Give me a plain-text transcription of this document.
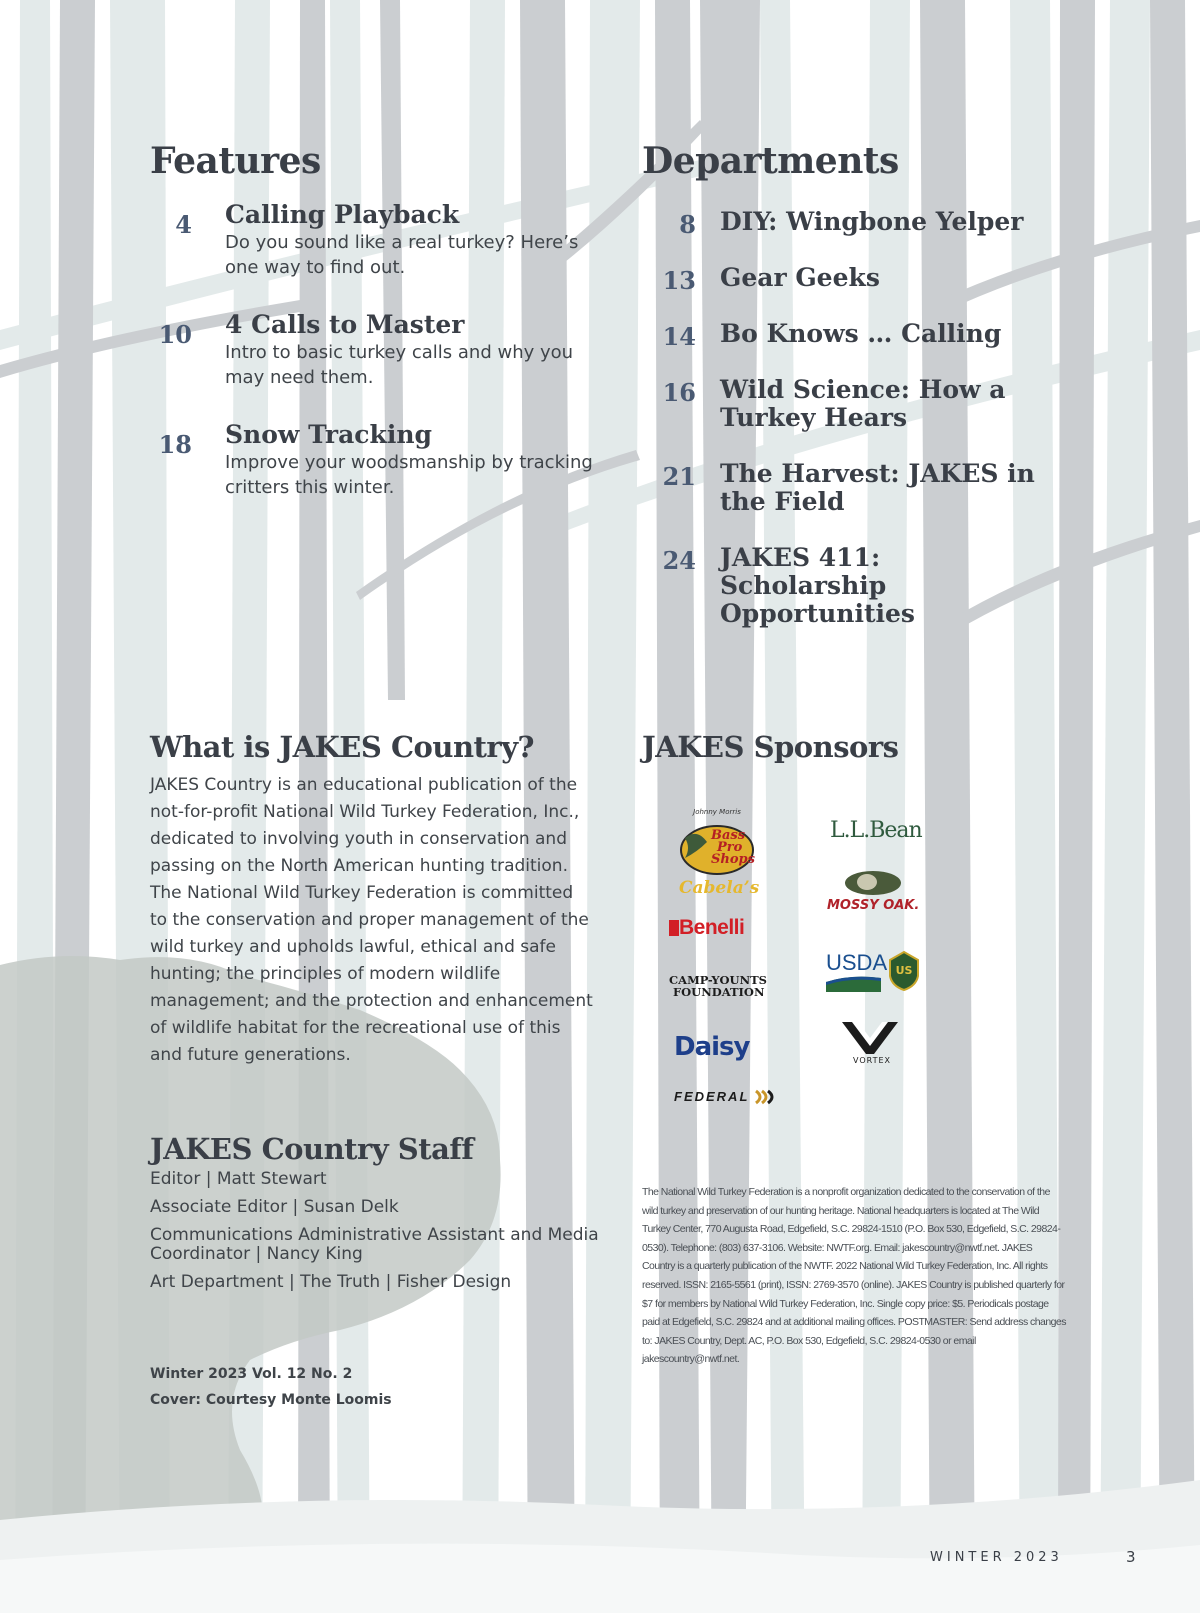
Features
4 Calling Playback
Do you sound like a real turkey? Here’s one way to find out.
10 4 Calls to Master
Intro to basic turkey calls and why you may need them.
18 Snow Tracking
Improve your woodsmanship by tracking critters this winter.
Departments
8 DIY: Wingbone Yelper
13 Gear Geeks
14 Bo Knows … Calling
16 Wild Science: How a Turkey Hears
21 The Harvest: JAKES in the Field
24 JAKES 411: Scholarship Opportunities
What is JAKES Country?
JAKES Country is an educational publication of the not-for-profit National Wild Turkey Federation, Inc., dedicated to involving youth in conservation and passing on the North American hunting tradition. The National Wild Turkey Federation is committed to the conservation and proper management of the wild turkey and upholds lawful, ethical and safe hunting; the principles of modern wildlife management; and the protection and enhancement of wildlife habitat for the recreational use of this and future generations.
JAKES Sponsors
Johnny Morris
Bass
Pro
Shops
Cabela’s
L.L.Bean
MOSSY OAK.
Benelli
USDA US
CAMP-YOUNTS
FOUNDATION
Daisy	VORTEX
FEDERAL
JAKES Country Staff
Editor | Matt Stewart
Associate Editor | Susan Delk
Communications Administrative Assistant and Media Coordinator | Nancy King
Art Department | The Truth | Fisher Design
Winter 2023 Vol. 12 No. 2
Cover: Courtesy Monte Loomis
The National Wild Turkey Federation is a nonprofit organization dedicated to the conservation of the wild turkey and preservation of our hunting heritage. National headquarters is located at The Wild Turkey Center, 770 Augusta Road, Edgefield, S.C. 29824-1510 (P.O. Box 530, Edgefield, S.C. 29824-0530). Telephone: (803) 637-3106. Website: NWTF.org. Email: jakescountry@nwtf.net. JAKES Country is a quarterly publication of the NWTF. 2022 National Wild Turkey Federation, Inc. All rights reserved. ISSN: 2165-5561 (print), ISSN: 2769-3570 (online). JAKES Country is published quarterly for $7 for members by National Wild Turkey Federation, Inc. Single copy price: $5. Periodicals postage paid at Edgefield, S.C. 29824 and at additional mailing offices. POSTMASTER: Send address changes to: JAKES Country, Dept. AC, P.O. Box 530, Edgefield, S.C. 29824-0530 or email jakescountry@nwtf.net.
WINTER 2023	3
